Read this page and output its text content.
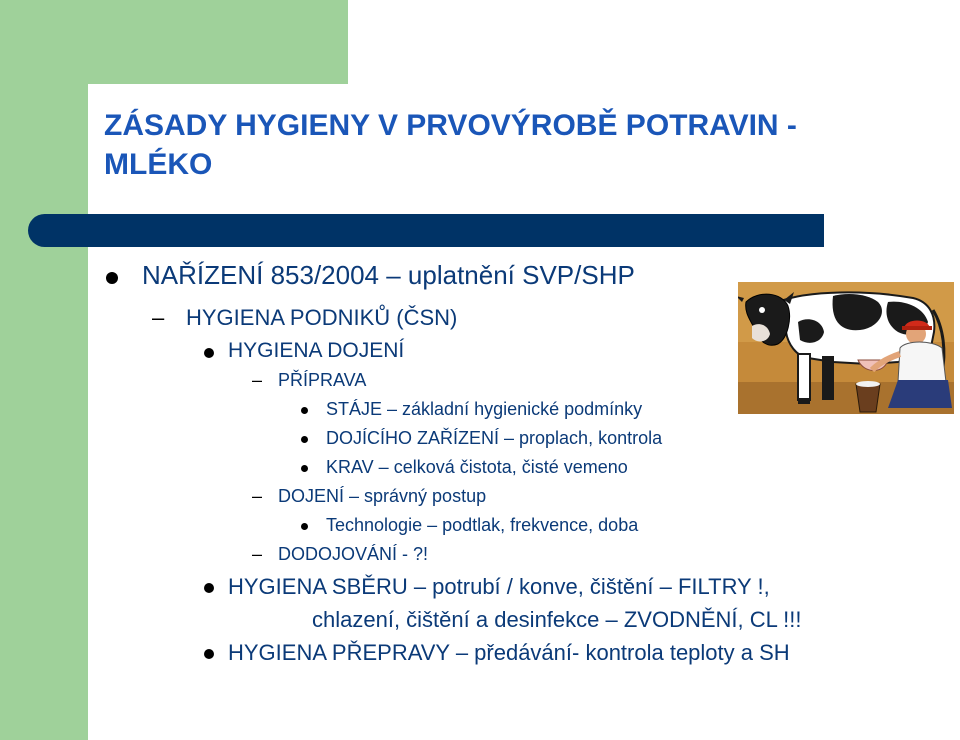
ZÁSADY HYGIENY V PRVOVÝROBĚ POTRAVIN - MLÉKO
NAŘÍZENÍ 853/2004 – uplatnění SVP/SHP
– HYGIENA PODNIKŮ (ČSN)
HYGIENA DOJENÍ
– PŘÍPRAVA
STÁJE – základní hygienické podmínky
DOJÍCÍHO ZAŘÍZENÍ – proplach, kontrola
KRAV – celková čistota, čisté vemeno
– DOJENÍ – správný postup
Technologie – podtlak, frekvence, doba
– DODOJOVÁNÍ - ?!
HYGIENA SBĚRU – potrubí / konve, čištění – FILTRY !,
chlazení, čištění a desinfekce – ZVODNĚNÍ, CL !!!
HYGIENA PŘEPRAVY – předávání- kontrola teploty a SH
